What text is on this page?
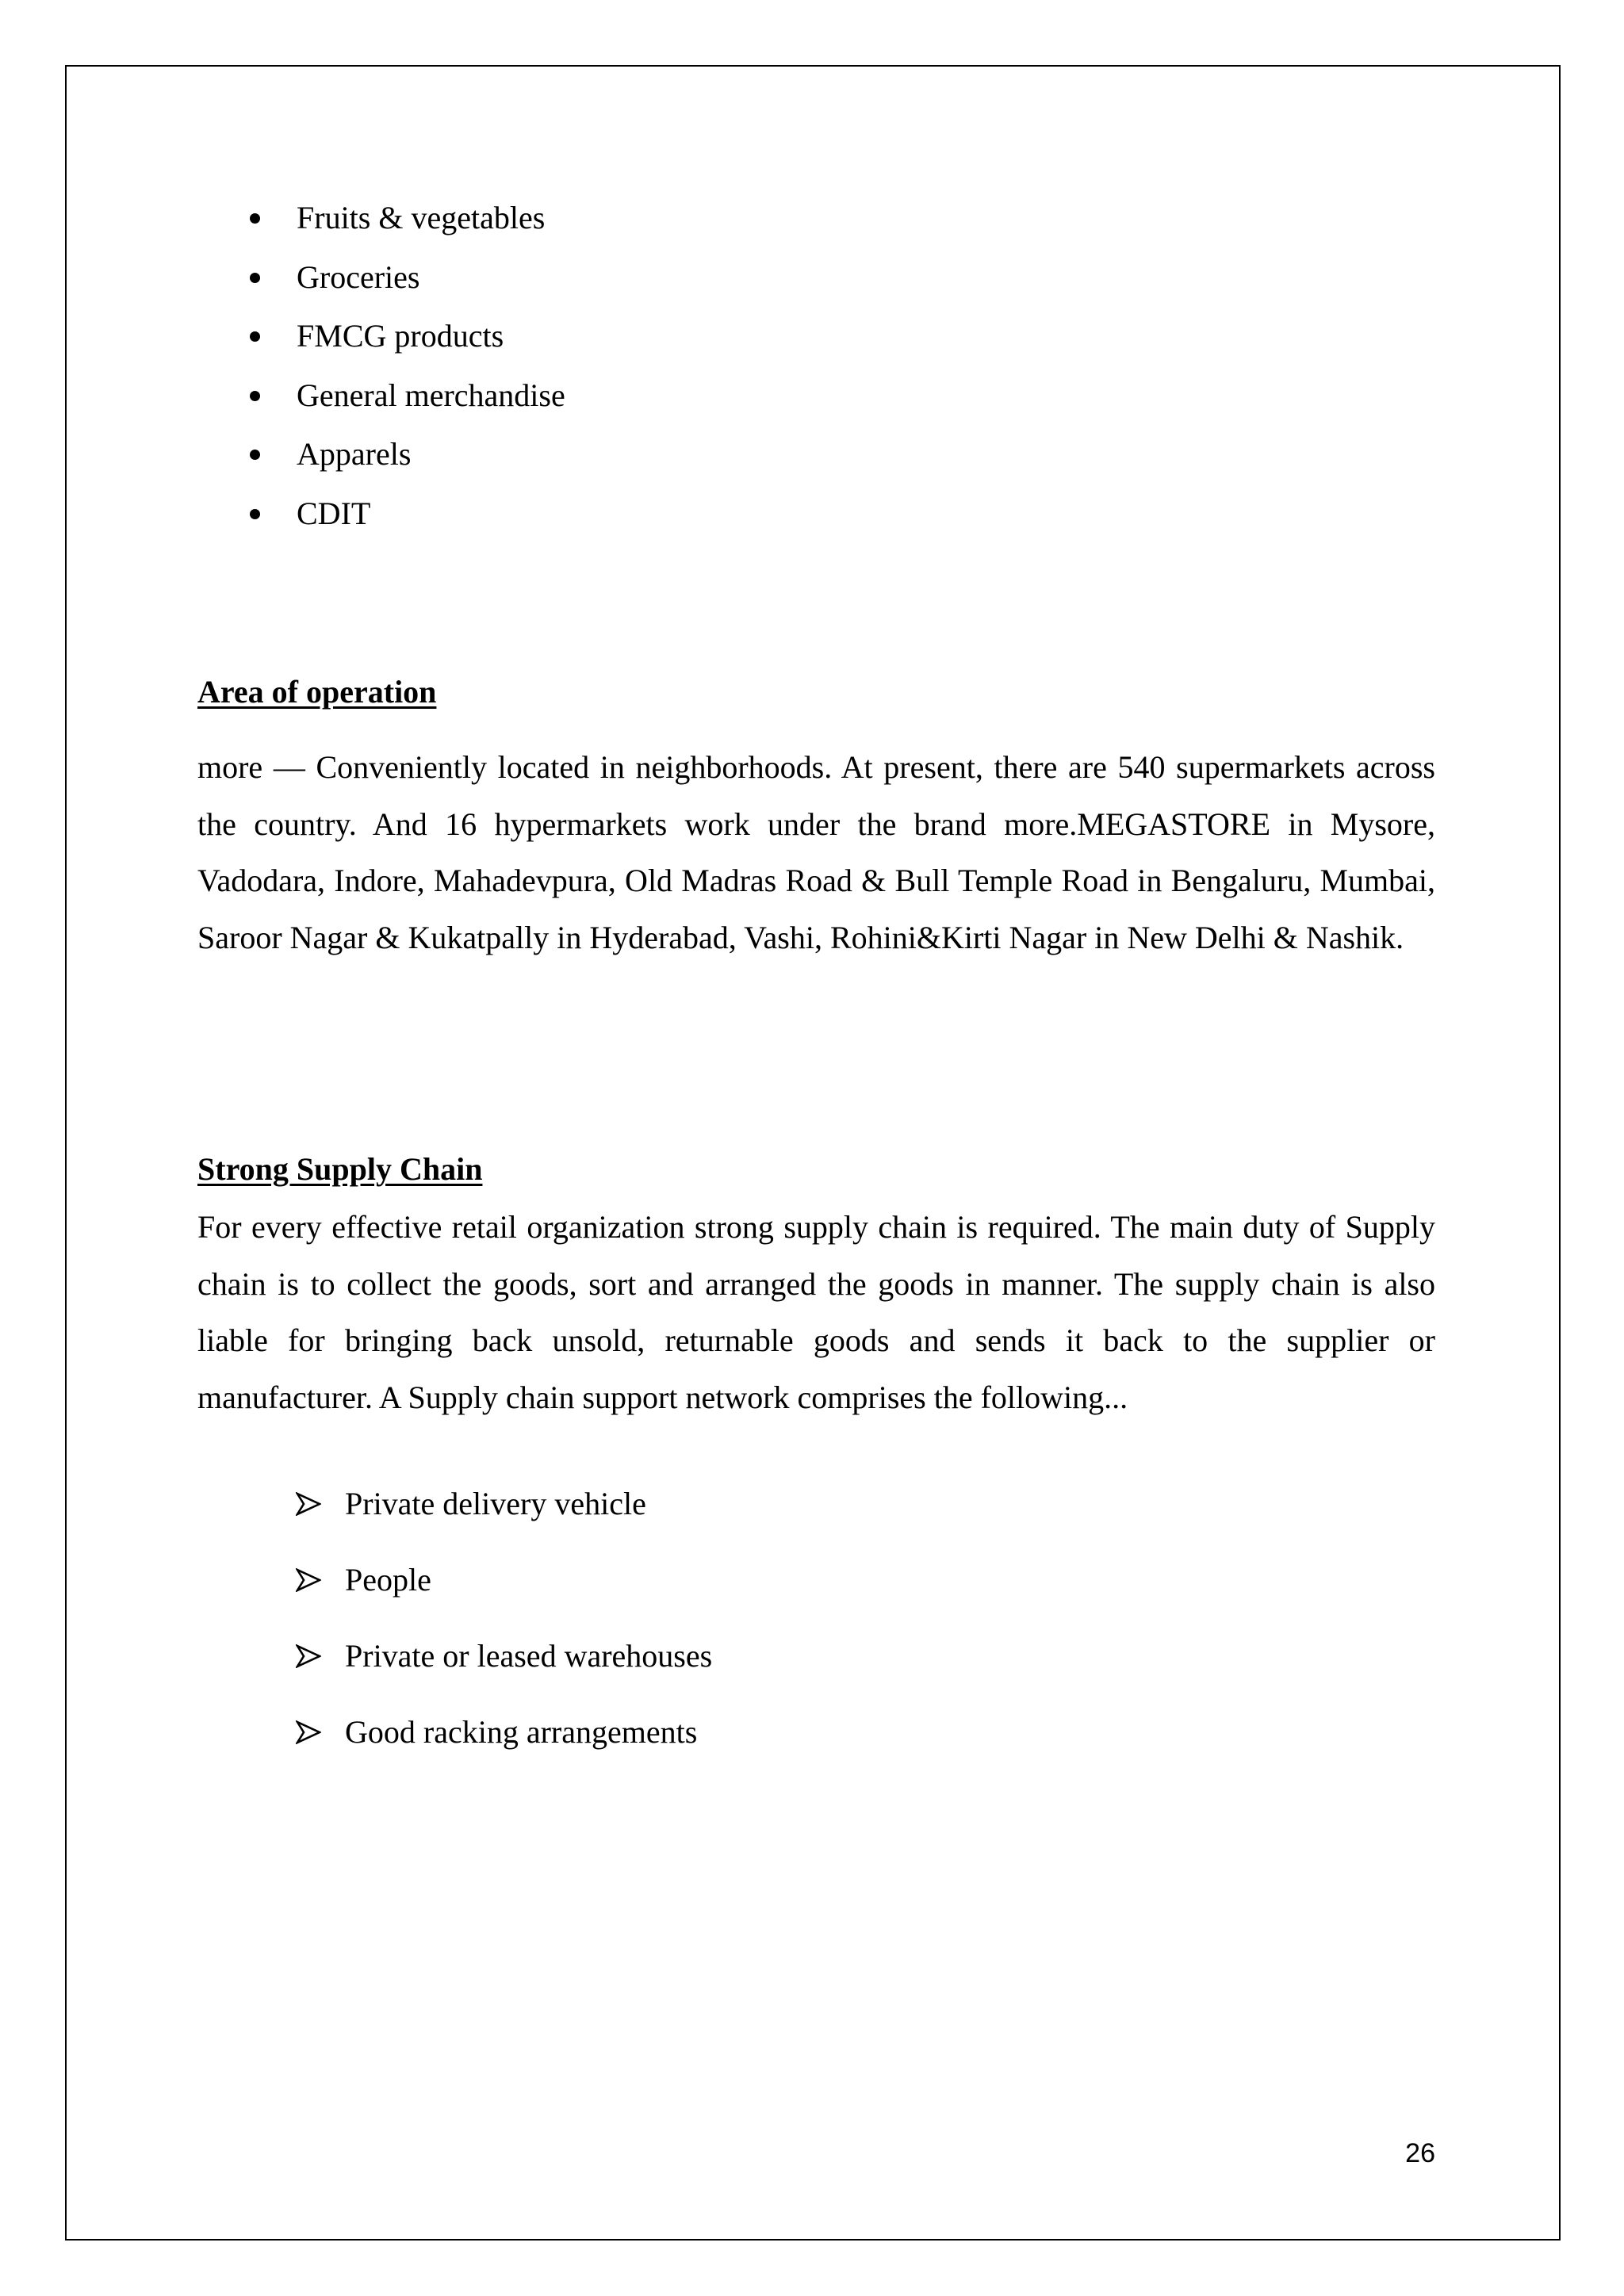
Fruits & vegetables
Groceries
FMCG products
General merchandise
Apparels
CDIT
Area of operation

more ― Conveniently located in neighborhoods. At present, there are 540 supermarkets across the country. And 16 hypermarkets work under the brand more.MEGASTORE in Mysore, Vadodara, Indore, Mahadevpura, Old Madras Road & Bull Temple Road in Bengaluru, Mumbai, Saroor Nagar & Kukatpally in Hyderabad, Vashi, Rohini&Kirti Nagar in New Delhi & Nashik.

Strong Supply Chain

For every effective retail organization strong supply chain is required. The main duty of Supply chain is to collect the goods, sort and arranged the goods in manner. The supply chain is also liable for bringing back unsold, returnable goods and sends it back to the supplier or manufacturer. A Supply chain support network comprises the following...

Private delivery vehicle
People
Private or leased warehouses
Good racking arrangements

26
